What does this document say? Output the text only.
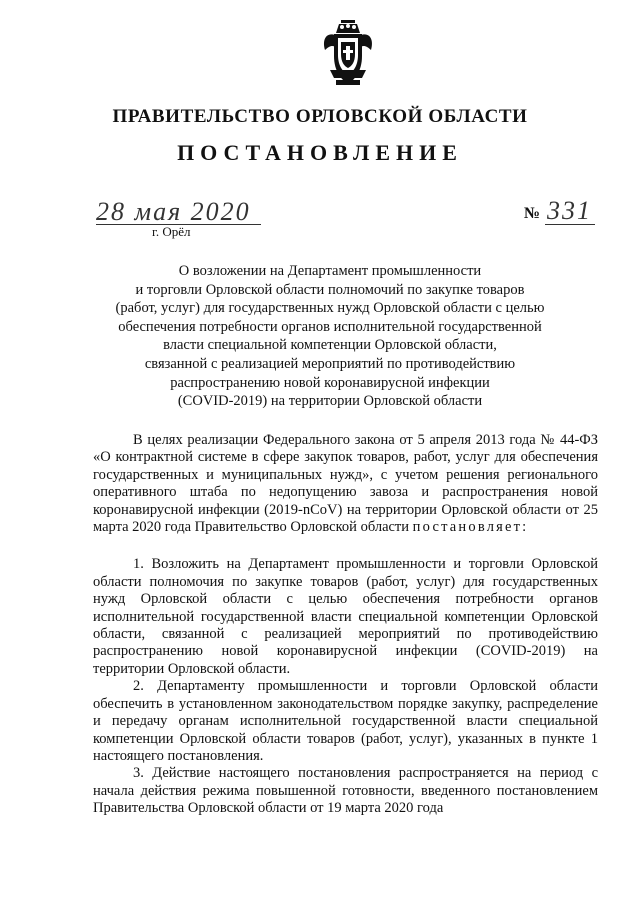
ПРАВИТЕЛЬСТВО ОРЛОВСКОЙ ОБЛАСТИ
ПОСТАНОВЛЕНИЕ
28 мая 2020
г. Орёл
№ 331
О возложении на Департамент промышленности
и торговли Орловской области полномочий по закупке товаров
(работ, услуг) для государственных нужд Орловской области с целью
обеспечения потребности органов исполнительной государственной
власти специальной компетенции Орловской области,
связанной с реализацией мероприятий по противодействию
распространению новой коронавирусной инфекции
(COVID-2019) на территории Орловской области

В целях реализации Федерального закона от 5 апреля 2013 года № 44-ФЗ «О контрактной системе в сфере закупок товаров, работ, услуг для обеспечения государственных и муниципальных нужд», с учетом решения регионального оперативного штаба по недопущению завоза и распространения новой коронавирусной инфекции (2019-nCoV) на территории Орловской области от 25 марта 2020 года Правительство Орловской области постановляет:

1. Возложить на Департамент промышленности и торговли Орловской области полномочия по закупке товаров (работ, услуг) для государственных нужд Орловской области с целью обеспечения потребности органов исполнительной государственной власти специальной компетенции Орловской области, связанной с реализацией мероприятий по противодействию распространению новой коронавирусной инфекции (COVID-2019) на территории Орловской области.

2. Департаменту промышленности и торговли Орловской области обеспечить в установленном законодательством порядке закупку, распределение и передачу органам исполнительной государственной власти специальной компетенции Орловской области товаров (работ, услуг), указанных в пункте 1 настоящего постановления.

3. Действие настоящего постановления распространяется на период с начала действия режима повышенной готовности, введенного постановлением Правительства Орловской области от 19 марта 2020 года
